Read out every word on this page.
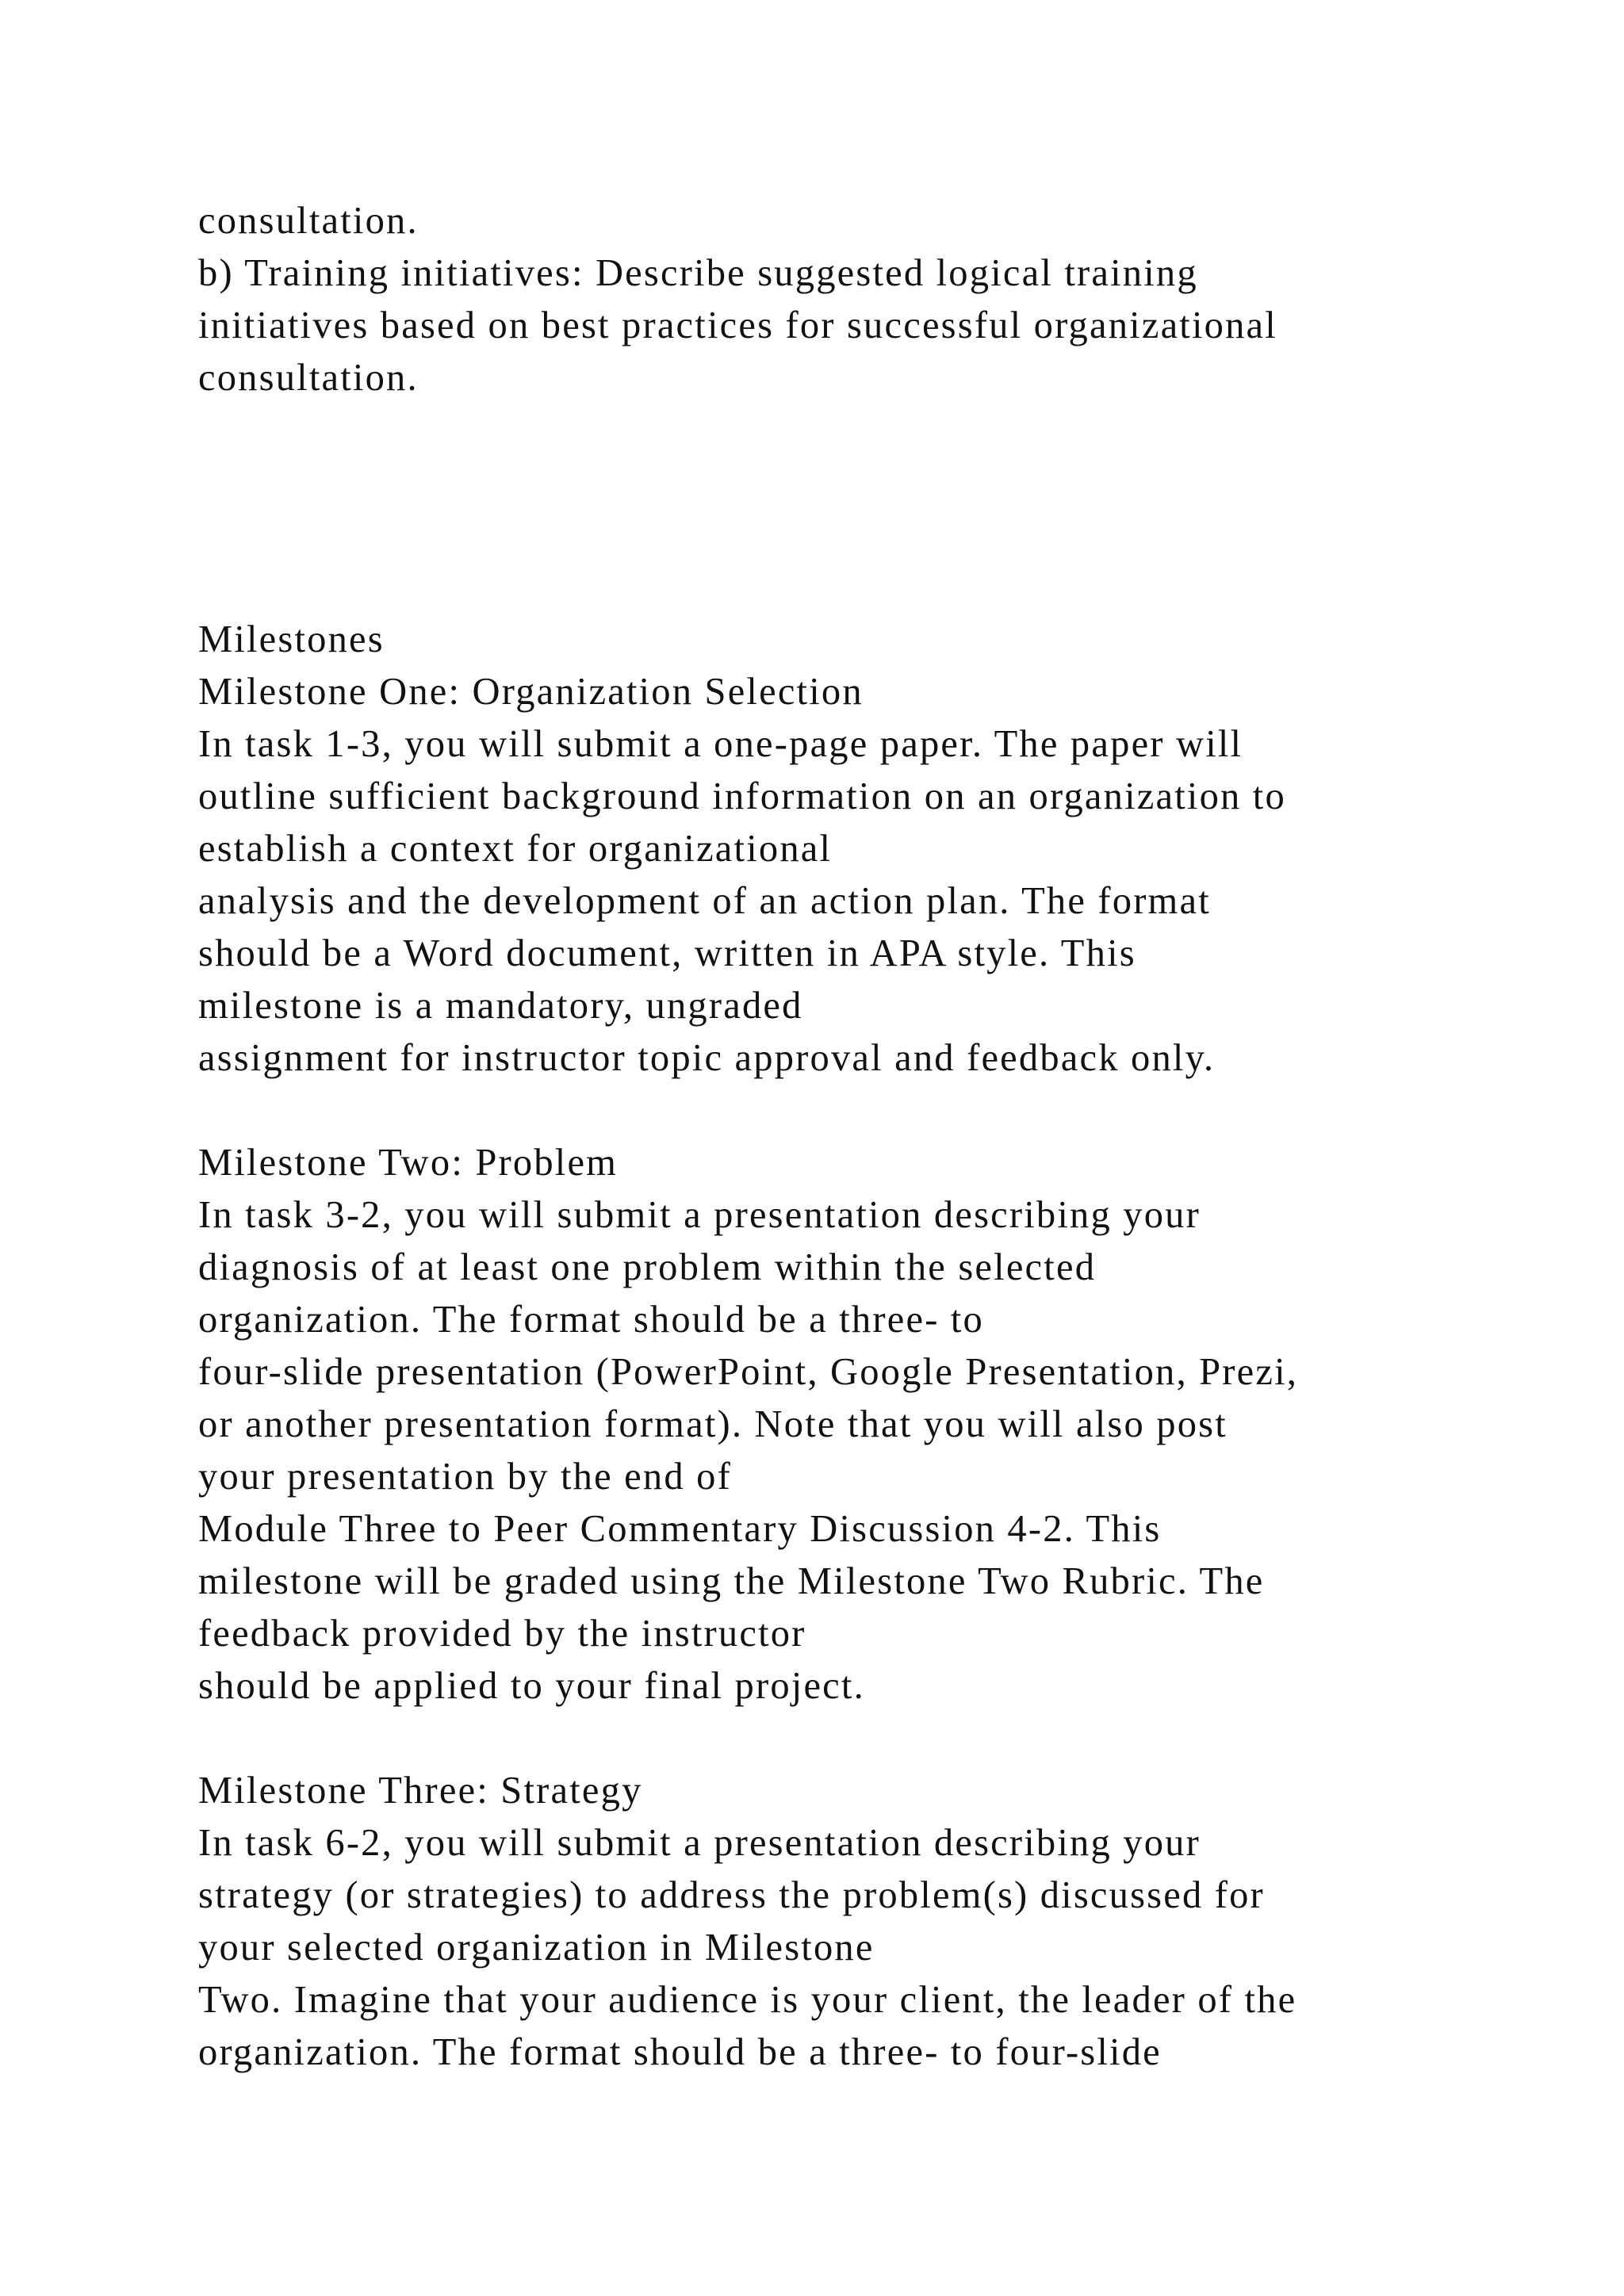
consultation.
b) Training initiatives: Describe suggested logical training
initiatives based on best practices for successful organizational
consultation.
Milestones
Milestone One: Organization Selection
In task 1-3, you will submit a one-page paper. The paper will
outline sufficient background information on an organization to
establish a context for organizational
analysis and the development of an action plan. The format
should be a Word document, written in APA style. This
milestone is a mandatory, ungraded
assignment for instructor topic approval and feedback only.
Milestone Two: Problem
In task 3-2, you will submit a presentation describing your
diagnosis of at least one problem within the selected
organization. The format should be a three- to
four-slide presentation (PowerPoint, Google Presentation, Prezi,
or another presentation format). Note that you will also post
your presentation by the end of
Module Three to Peer Commentary Discussion 4-2. This
milestone will be graded using the Milestone Two Rubric. The
feedback provided by the instructor
should be applied to your final project.
Milestone Three: Strategy
In task 6-2, you will submit a presentation describing your
strategy (or strategies) to address the problem(s) discussed for
your selected organization in Milestone
Two. Imagine that your audience is your client, the leader of the
organization. The format should be a three- to four-slide
